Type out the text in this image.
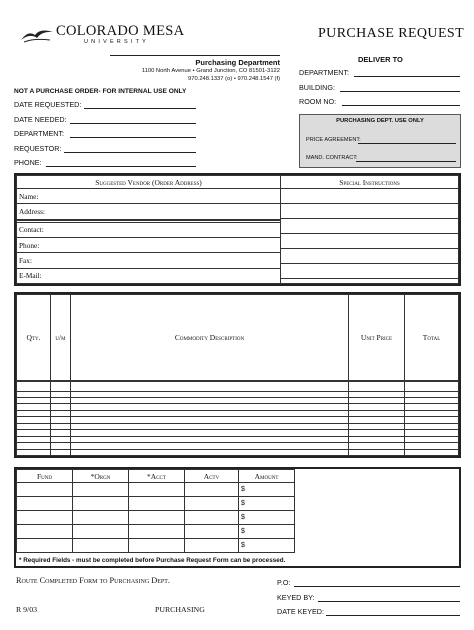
COLORADO MESA
UNIVERSITY
PURCHASE REQUEST
Purchasing Department
1100 North Avenue • Grand Junction, CO 81501-3122
970.248.1337 (o) • 970.248.1547 (f)
NOT A PURCHASE ORDER- FOR INTERNAL USE ONLY
DATE REQUESTED:
DATE NEEDED:
DEPARTMENT:
REQUESTOR:
PHONE:
DELIVER TO
DEPARTMENT:
BUILDING:
ROOM NO:
PURCHASING DEPT. USE ONLY
PRICE AGREEMENT:
MAND. CONTRACT:
Suggested Vendor (Order Address)		Special Instructions
Name:		

Address:		

Contact:		
Phone:		
Fax:		
E-Mail:		
Qty.	u/m	Commodity Description	Unit Price	Total

Fund	*Orgn	*Acct	Actv	Amount	
				$	
				$	
				$	
				$	
				$	
* Required Fields - must be completed before Purchase Request Form can be processed.
Route Completed Form to Purchasing Dept.
R 9/03	PURCHASING
P.O:
KEYED BY:
DATE KEYED:
